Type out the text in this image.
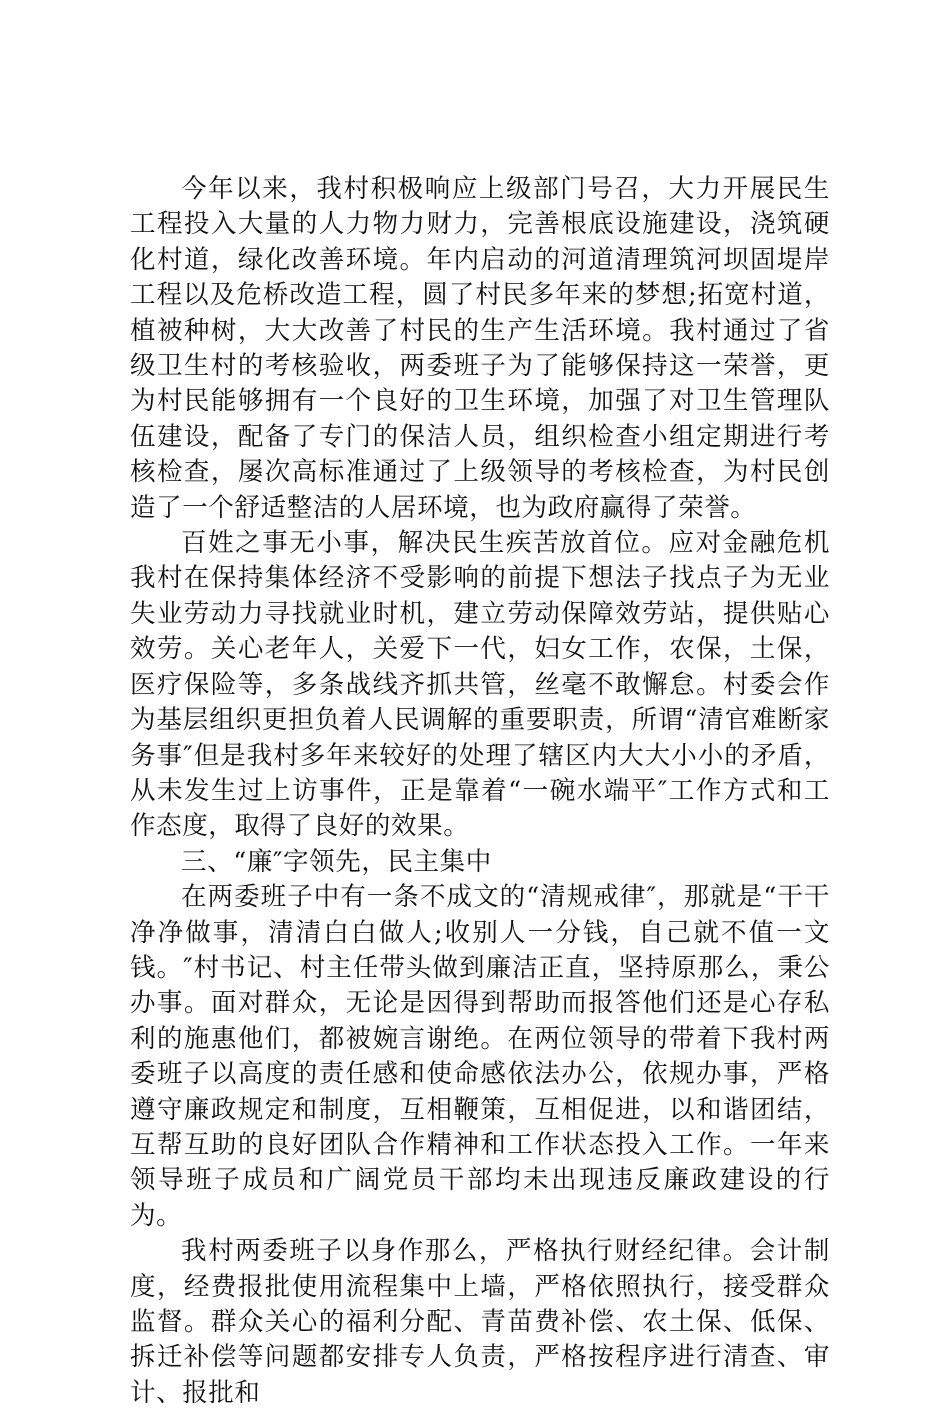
今年以来，我村积极响应上级部门号召，大力开展民生工程投入大量的人力物力财力，完善根底设施建设，浇筑硬化村道，绿化改善环境。年内启动的河道清理筑河坝固堤岸工程以及危桥改造工程，圆了村民多年来的梦想;拓宽村道，植被种树，大大改善了村民的生产生活环境。我村通过了省级卫生村的考核验收，两委班子为了能够保持这一荣誉，更为村民能够拥有一个良好的卫生环境，加强了对卫生管理队伍建设，配备了专门的保洁人员，组织检查小组定期进行考核检查，屡次高标准通过了上级领导的考核检查，为村民创造了一个舒适整洁的人居环境，也为政府赢得了荣誉。

百姓之事无小事，解决民生疾苦放首位。应对金融危机我村在保持集体经济不受影响的前提下想法子找点子为无业失业劳动力寻找就业时机，建立劳动保障效劳站，提供贴心效劳。关心老年人，关爱下一代，妇女工作，农保，土保，医疗保险等，多条战线齐抓共管，丝毫不敢懈怠。村委会作为基层组织更担负着人民调解的重要职责，所谓“清官难断家务事″但是我村多年来较好的处理了辖区内大大小小的矛盾，从未发生过上访事件，正是靠着“一碗水端平″工作方式和工作态度，取得了良好的效果。

三、“廉″字领先，民主集中

在两委班子中有一条不成文的“清规戒律″，那就是“干干净净做事，清清白白做人;收别人一分钱，自己就不值一文钱。″村书记、村主任带头做到廉洁正直，坚持原那么，秉公办事。面对群众，无论是因得到帮助而报答他们还是心存私利的施惠他们，都被婉言谢绝。在两位领导的带着下我村两委班子以高度的责任感和使命感依法办公，依规办事，严格遵守廉政规定和制度，互相鞭策，互相促进，以和谐团结，互帮互助的良好团队合作精神和工作状态投入工作。一年来领导班子成员和广阔党员干部均未出现违反廉政建设的行为。

我村两委班子以身作那么，严格执行财经纪律。会计制度，经费报批使用流程集中上墙，严格依照执行，接受群众监督。群众关心的福利分配、青苗费补偿、农土保、低保、拆迁补偿等问题都安排专人负责，严格按程序进行清查、审计、报批和
